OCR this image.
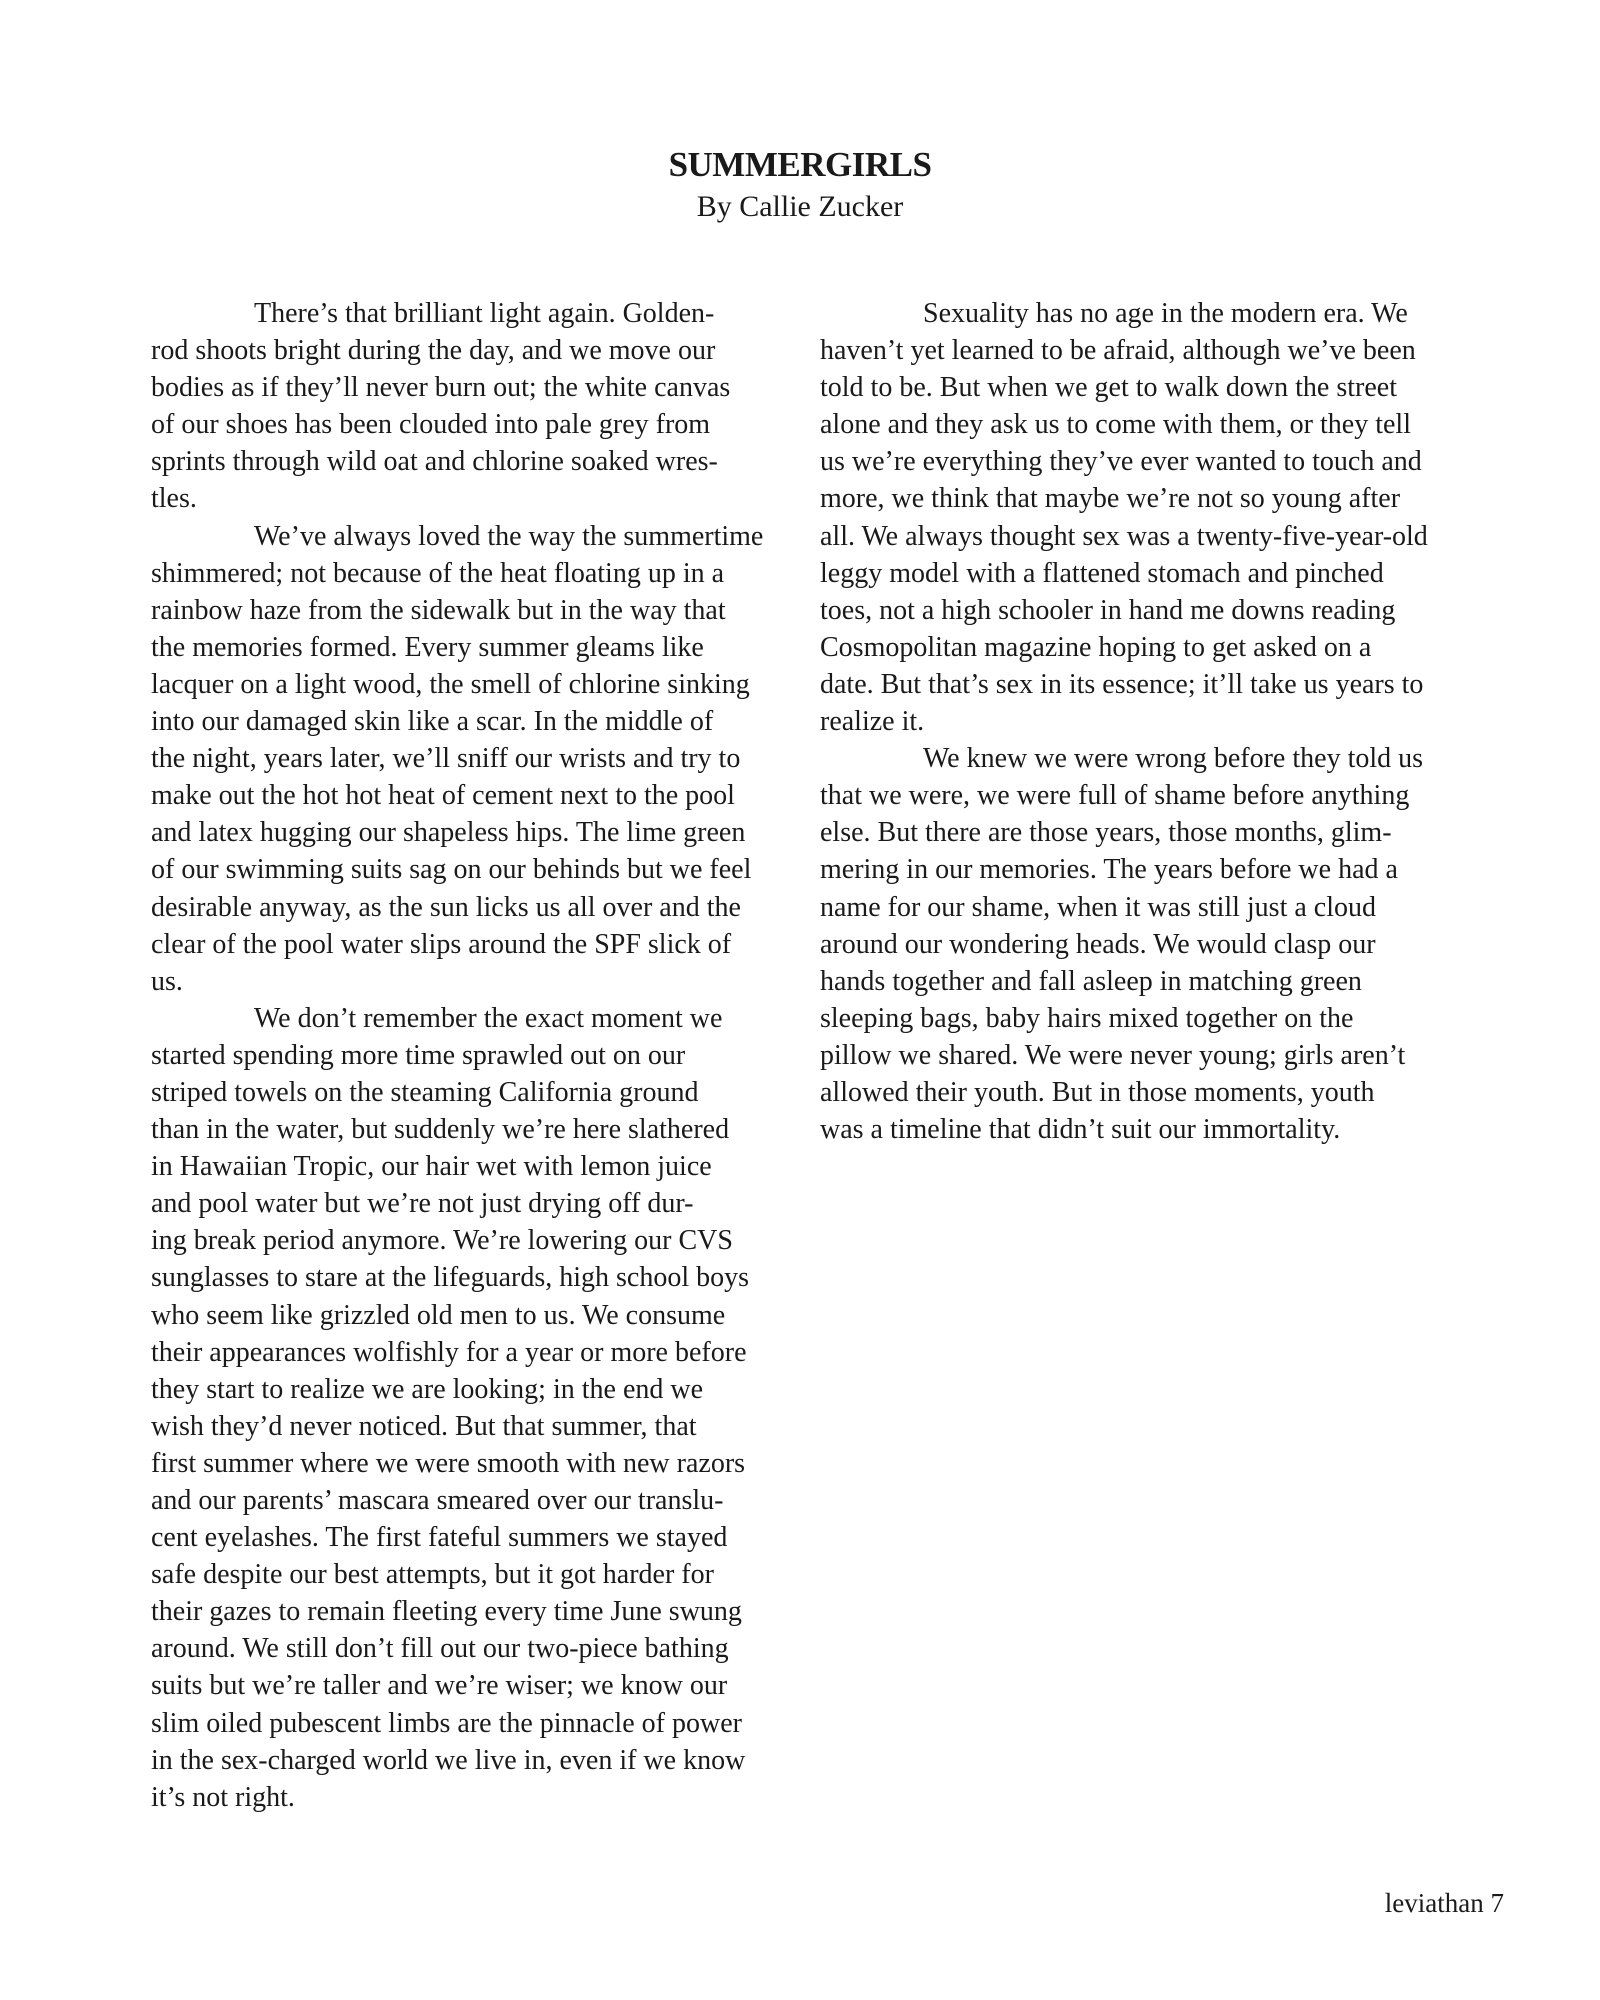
SUMMERGIRLS
By Callie Zucker
There’s that brilliant light again. Golden-
rod shoots bright during the day, and we move our
bodies as if they’ll never burn out; the white canvas
of our shoes has been clouded into pale grey from
sprints through wild oat and chlorine soaked wres-
tles.
We’ve always loved the way the summertime
shimmered; not because of the heat floating up in a
rainbow haze from the sidewalk but in the way that
the memories formed. Every summer gleams like
lacquer on a light wood, the smell of chlorine sinking
into our damaged skin like a scar. In the middle of
the night, years later, we’ll sniff our wrists and try to
make out the hot hot heat of cement next to the pool
and latex hugging our shapeless hips. The lime green
of our swimming suits sag on our behinds but we feel
desirable anyway, as the sun licks us all over and the
clear of the pool water slips around the SPF slick of
us.
We don’t remember the exact moment we
started spending more time sprawled out on our
striped towels on the steaming California ground
than in the water, but suddenly we’re here slathered
in Hawaiian Tropic, our hair wet with lemon juice
and pool water but we’re not just drying off dur-
ing break period anymore. We’re lowering our CVS
sunglasses to stare at the lifeguards, high school boys
who seem like grizzled old men to us. We consume
their appearances wolfishly for a year or more before
they start to realize we are looking; in the end we
wish they’d never noticed. But that summer, that
first summer where we were smooth with new razors
and our parents’ mascara smeared over our translu-
cent eyelashes. The first fateful summers we stayed
safe despite our best attempts, but it got harder for
their gazes to remain fleeting every time June swung
around. We still don’t fill out our two-piece bathing
suits but we’re taller and we’re wiser; we know our
slim oiled pubescent limbs are the pinnacle of power
in the sex-charged world we live in, even if we know
it’s not right.
Sexuality has no age in the modern era. We
haven’t yet learned to be afraid, although we’ve been
told to be. But when we get to walk down the street
alone and they ask us to come with them, or they tell
us we’re everything they’ve ever wanted to touch and
more, we think that maybe we’re not so young after
all. We always thought sex was a twenty-five-year-old
leggy model with a flattened stomach and pinched
toes, not a high schooler in hand me downs reading
Cosmopolitan magazine hoping to get asked on a
date. But that’s sex in its essence; it’ll take us years to
realize it.
We knew we were wrong before they told us
that we were, we were full of shame before anything
else. But there are those years, those months, glim-
mering in our memories. The years before we had a
name for our shame, when it was still just a cloud
around our wondering heads. We would clasp our
hands together and fall asleep in matching green
sleeping bags, baby hairs mixed together on the
pillow we shared. We were never young; girls aren’t
allowed their youth. But in those moments, youth
was a timeline that didn’t suit our immortality.
leviathan 7
